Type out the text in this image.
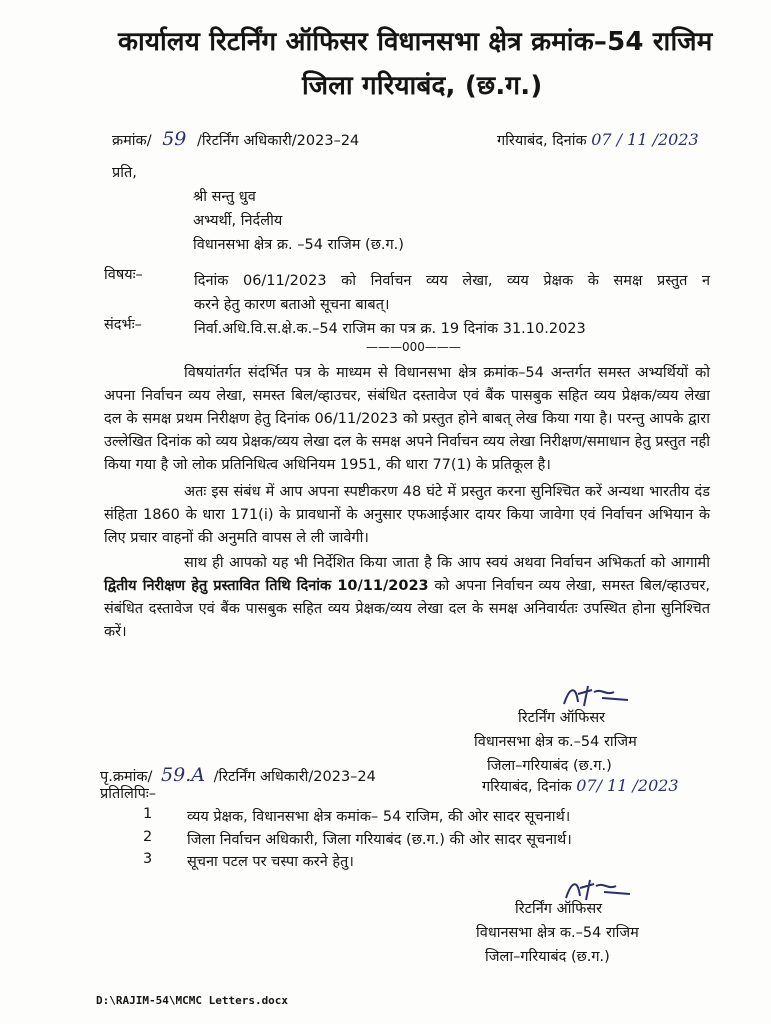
कार्यालय रिटर्निंग ऑफिसर विधानसभा क्षेत्र क्रमांक–54 राजिम
जिला गरियाबंद, (छ.ग.)
क्रमांक/ 59 /रिटर्निंग अधिकारी/2023–24	गरियाबंद, दिनांक 07 / 11 /2023
प्रति,
श्री सन्तु धुव
अभ्यर्थी, निर्दलीय
विधानसभा क्षेत्र क्र. –54 राजिम (छ.ग.)
विषयः–	दिनांक 06/11/2023 को निर्वाचन व्यय लेखा, व्यय प्रेक्षक के समक्ष प्रस्तुत न
करने हेतु कारण बताओ सूचना बाबत्।
संदर्भः–	निर्वा.अधि.वि.स.क्षे.क.–54 राजिम का पत्र क्र. 19 दिनांक 31.10.2023
———000———

विषयांतर्गत संदर्भित पत्र के माध्यम से विधानसभा क्षेत्र क्रमांक–54 अन्तर्गत समस्त अभ्यर्थियों को अपना निर्वाचन व्यय लेखा, समस्त बिल/व्हाउचर, संबंधित दस्तावेज एवं बैंक पासबुक सहित व्यय प्रेक्षक/व्यय लेखा दल के समक्ष प्रथम निरीक्षण हेतु दिनांक 06/11/2023 को प्रस्तुत होने बाबत् लेख किया गया है। परन्तु आपके द्वारा उल्लेखित दिनांक को व्यय प्रेक्षक/व्यय लेखा दल के समक्ष अपने निर्वाचन व्यय लेखा निरीक्षण/समाधान हेतु प्रस्तुत नही किया गया है जो लोक प्रतिनिधित्व अधिनियम 1951, की धारा 77(1) के प्रतिकूल है।

अतः इस संबंध में आप अपना स्पष्टीकरण 48 घंटे में प्रस्तुत करना सुनिश्चित करें अन्यथा भारतीय दंड संहिता 1860 के धारा 171(i) के प्रावधानों के अनुसार एफआईआर दायर किया जावेगा एवं निर्वाचन अभियान के लिए प्रचार वाहनों की अनुमति वापस ले ली जावेगी।

साथ ही आपको यह भी निर्देशित किया जाता है कि आप स्वयं अथवा निर्वाचन अभिकर्ता को आगामी द्वितीय निरीक्षण हेतु प्रस्तावित तिथि दिनांक 10/11/2023 को अपना निर्वाचन व्यय लेखा, समस्त बिल/व्हाउचर, संबंधित दस्तावेज एवं बैंक पासबुक सहित व्यय प्रेक्षक/व्यय लेखा दल के समक्ष अनिवार्यतः उपस्थित होना सुनिश्चित करें।

रिटर्निंग ऑफिसर
विधानसभा क्षेत्र क.–54 राजिम
जिला–गरियाबंद (छ.ग.)
गरियाबंद, दिनांक 07/ 11 /2023
पृ.क्रमांक/ 59.A /रिटर्निंग अधिकारी/2023–24
प्रतिलिपिः–
1 व्यय प्रेक्षक, विधानसभा क्षेत्र कमांक– 54 राजिम, की ओर सादर सूचनार्थ।
2 जिला निर्वाचन अधिकारी, जिला गरियाबंद (छ.ग.) की ओर सादर सूचनार्थ।
3 सूचना पटल पर चस्पा करने हेतु।
रिटर्निंग ऑफिसर
विधानसभा क्षेत्र क.–54 राजिम
जिला–गरियाबंद (छ.ग.)
D:\RAJIM-54\MCMC Letters.docx
